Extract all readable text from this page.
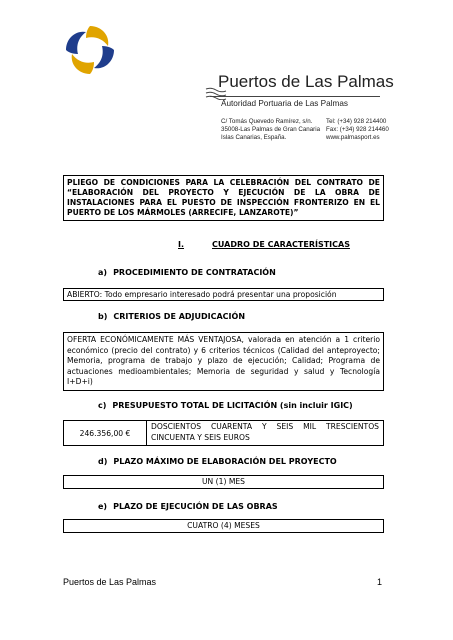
Puertos de Las Palmas
Autoridad Portuaria de Las Palmas
C/ Tomás Quevedo Ramírez, s/n.
35008-Las Palmas de Gran Canaria
Islas Canarias, España.
Tel: (+34) 928 214400
Fax: (+34) 928 214460
www.palmasport.es
PLIEGO DE CONDICIONES PARA LA CELEBRACIÓN DEL CONTRATO DE “ELABORACIÓN DEL PROYECTO Y EJECUCIÓN DE LA OBRA DE INSTALACIONES PARA EL PUESTO DE INSPECCIÓN FRONTERIZO EN EL PUERTO DE LOS MÁRMOLES (ARRECIFE, LANZAROTE)”
I.	CUADRO DE CARACTERÍSTICAS
a) PROCEDIMIENTO DE CONTRATACIÓN
ABIERTO: Todo empresario interesado podrá presentar una proposición
b) CRITERIOS DE ADJUDICACIÓN
OFERTA ECONÓMICAMENTE MÁS VENTAJOSA, valorada en atención a 1 criterio económico (precio del contrato) y 6 criterios técnicos (Calidad del anteproyecto; Memoria, programa de trabajo y plazo de ejecución; Calidad; Programa de actuaciones medioambientales; Memoria de seguridad y salud y Tecnología I+D+i)
c) PRESUPUESTO TOTAL DE LICITACIÓN (sin incluir IGIC)
246.356,00 €
DOSCIENTOS CUARENTA Y SEIS MIL TRESCIENTOS CINCUENTA Y SEIS EUROS
d) PLAZO MÁXIMO DE ELABORACIÓN DEL PROYECTO
UN (1) MES
e) PLAZO DE EJECUCIÓN DE LAS OBRAS
CUATRO (4) MESES
Puertos de Las Palmas	1
